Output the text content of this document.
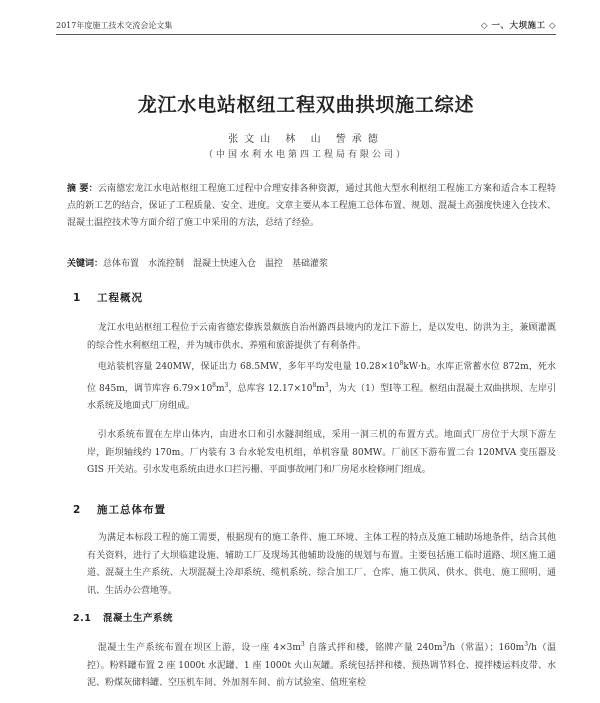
2017年度施工技术交流会论文集	◇ 一、大坝施工 ◇
龙江水电站枢纽工程双曲拱坝施工综述
张文山 林 山 訾承德
（中国水利水电第四工程局有限公司）
摘 要：云南德宏龙江水电站枢纽工程施工过程中合理安排各种资源，通过其他大型水利枢纽工程施工方案和适合本工程特点的新工艺的结合，保证了工程质量、安全、进度。文章主要从本工程施工总体布置、规划、混凝土高强度快速入仓技术、混凝土温控技术等方面介绍了施工中采用的方法，总结了经验。
关键词：总体布置　水流控制　混凝土快速入仓　温控　基础灌浆
1 工程概况
龙江水电站枢纽工程位于云南省德宏傣族景颇族自治州潞西县境内的龙江下游上，是以发电、防洪为主，兼顾灌溉的综合性水利枢纽工程，并为城市供水、养殖和旅游提供了有利条件。
电站装机容量 240MW，保证出力 68.5MW，多年平均发电量 $10.28\times 10^8kW\cdot h$。水库正常蓄水位 872m，死水位 845m，调节库容 $6.79\times 10^8m^3$，总库容 $12.17\times 10^8m^3$，为大（1）型Ⅰ等工程。枢纽由混凝土双曲拱坝、左岸引水系统及地面式厂房组成。
引水系统布置在左岸山体内，由进水口和引水隧洞组成，采用一洞三机的布置方式。地面式厂房位于大坝下游左岸，距坝轴线约 170m。厂内装有 3 台水轮发电机组，单机容量 80MW。厂前区下游布置二台 120MVA 变压器及 GIS 开关站。引水发电系统由进水口拦污栅、平面事故闸门和厂房尾水检修闸门组成。
2 施工总体布置
为满足本标段工程的施工需要，根据现有的施工条件、施工环境、主体工程的特点及施工辅助场地条件，结合其他有关资料，进行了大坝临建设施、辅助工厂及现场其他辅助设施的规划与布置。主要包括施工临时道路、坝区施工通道、混凝土生产系统、大坝混凝土冷却系统、缆机系统、综合加工厂、仓库、施工供风、供水、供电、施工照明、通讯、生活办公营地等。
2.1 混凝土生产系统
混凝土生产系统布置在坝区上游，设一座 $4\times 3m^3$ 自落式拌和楼，铭牌产量 $240m^3/h$（常温）；$160m^3/h$（温控）。粉料罐布置 2 座 1000t 水泥罐、1 座 1000t 火山灰罐。系统包括拌和楼、预热调节料仓、搅拌楼运料皮带、水泥、粉煤灰储料罐、空压机车间、外加剂车间、前方试验室、值班室检
